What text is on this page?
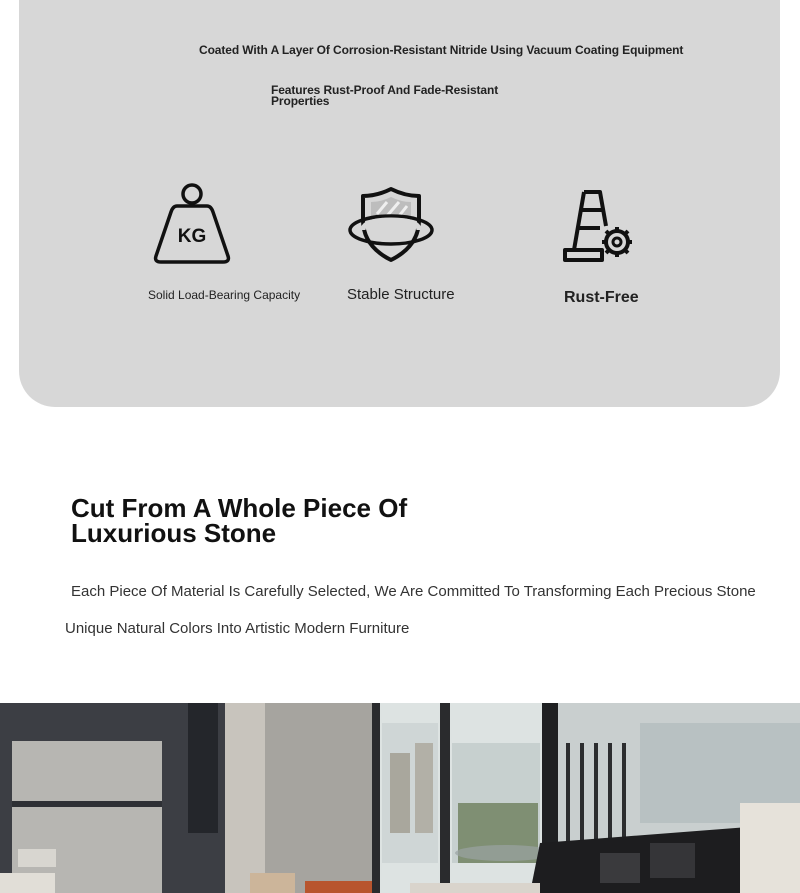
Coated With A Layer Of Corrosion-Resistant Nitride Using Vacuum Coating Equipment
Features Rust-Proof And Fade-Resistant Properties
KG
Solid Load-Bearing Capacity	Stable Structure	Rust-Free
Cut From A Whole Piece Of Luxurious Stone
Each Piece Of Material Is Carefully Selected, We Are Committed To Transforming Each Precious Stone
Unique Natural Colors Into Artistic Modern Furniture
